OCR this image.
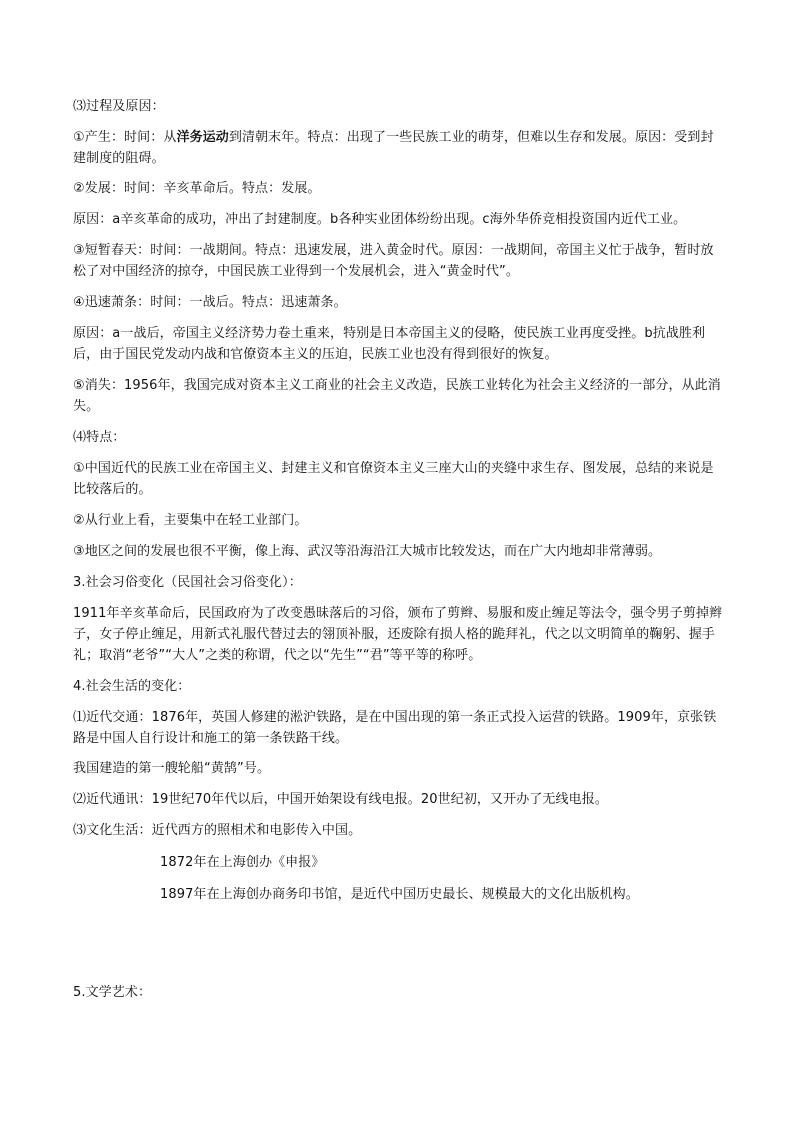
⑶过程及原因：
①产生：时间：从洋务运动到清朝末年。特点：出现了一些民族工业的萌芽，但难以生存和发展。原因：受到封建制度的阻碍。
②发展：时间：辛亥革命后。特点：发展。
原因：a辛亥革命的成功，冲出了封建制度。b各种实业团体纷纷出现。c海外华侨竞相投资国内近代工业。
③短暂春天：时间：一战期间。特点：迅速发展，进入黄金时代。原因：一战期间，帝国主义忙于战争，暂时放松了对中国经济的掠夺，中国民族工业得到一个发展机会，进入“黄金时代”。
④迅速萧条：时间：一战后。特点：迅速萧条。
原因：a一战后，帝国主义经济势力卷土重来，特别是日本帝国主义的侵略，使民族工业再度受挫。b抗战胜利后，由于国民党发动内战和官僚资本主义的压迫，民族工业也没有得到很好的恢复。
⑤消失：1956年，我国完成对资本主义工商业的社会主义改造，民族工业转化为社会主义经济的一部分，从此消失。
⑷特点：
①中国近代的民族工业在帝国主义、封建主义和官僚资本主义三座大山的夹缝中求生存、图发展，总结的来说是比较落后的。
②从行业上看，主要集中在轻工业部门。
③地区之间的发展也很不平衡，像上海、武汉等沿海沿江大城市比较发达，而在广大内地却非常薄弱。
3.社会习俗变化（民国社会习俗变化）：
1911年辛亥革命后，民国政府为了改变愚昧落后的习俗，颁布了剪辫、易服和废止缠足等法令，强令男子剪掉辫子，女子停止缠足，用新式礼服代替过去的翎顶补服，还废除有损人格的跪拜礼，代之以文明简单的鞠躬、握手礼；取消“老爷”“大人”之类的称谓，代之以“先生”“君”等平等的称呼。
4.社会生活的变化：
⑴近代交通：1876年，英国人修建的淞沪铁路，是在中国出现的第一条正式投入运营的铁路。1909年，京张铁路是中国人自行设计和施工的第一条铁路干线。
我国建造的第一艘轮船“黄鹄”号。
⑵近代通讯：19世纪70年代以后，中国开始架设有线电报。20世纪初，又开办了无线电报。
⑶文化生活：近代西方的照相术和电影传入中国。
1872年在上海创办《申报》
1897年在上海创办商务印书馆，是近代中国历史最长、规模最大的文化出版机构。
5.文学艺术：
